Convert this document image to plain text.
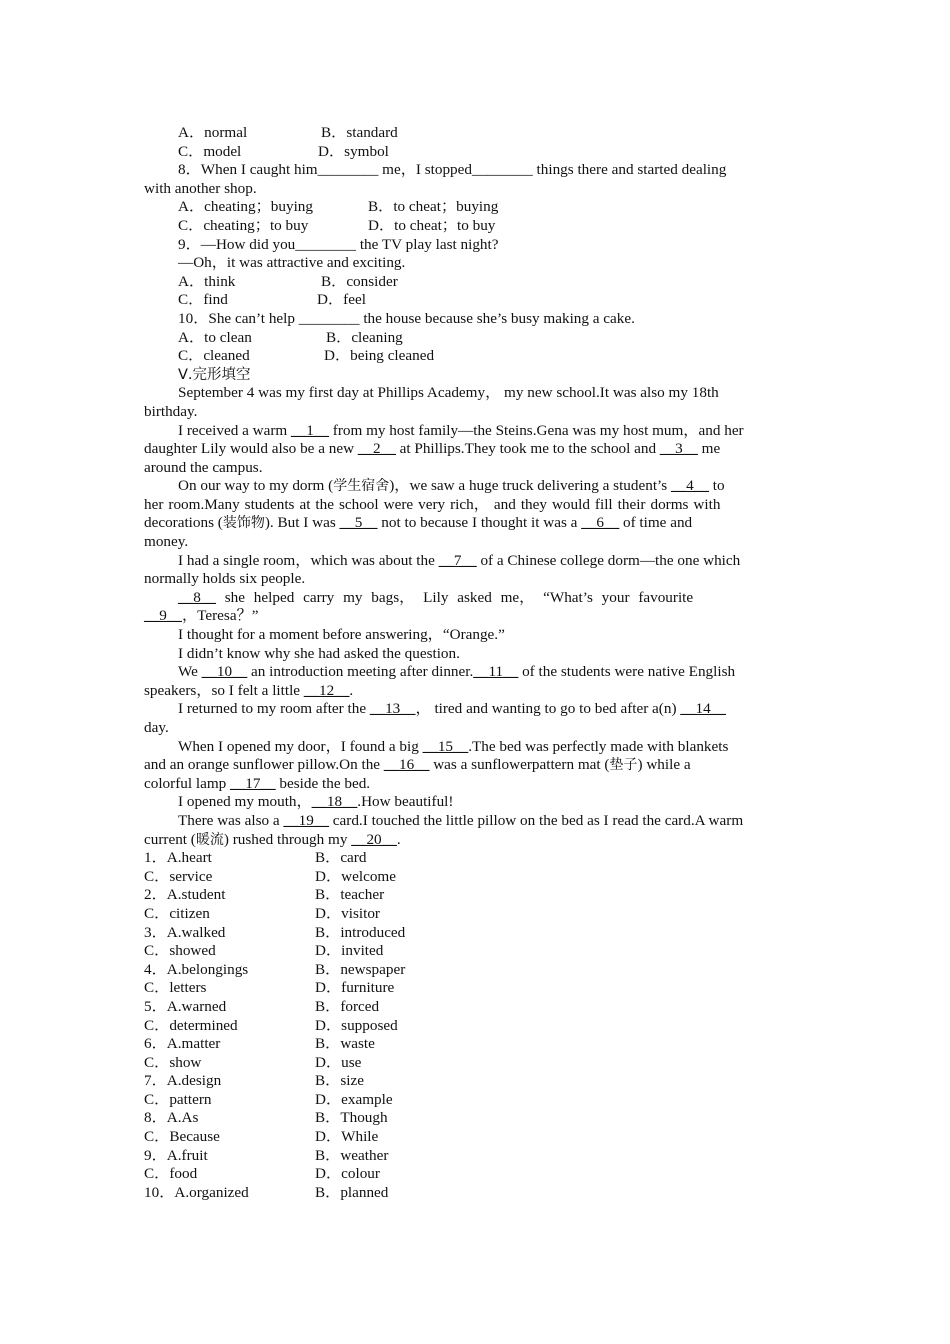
A．normal	B．standard
C．model	D．symbol
8．When I caught him________ me，I stopped________ things there and started dealing
with another shop.
A．cheating；buying	B．to cheat；buying
C．cheating；to buy	D．to cheat；to buy
9．—How did you________ the TV play last night?
—Oh，it was attractive and exciting.
A．think	B．consider
C．find	D．feel
10．She can’t help ________ the house because she’s busy making a cake.
A．to clean	B．cleaning
C．cleaned	D．being cleaned
Ⅴ.完形填空
September 4 was my first day at Phillips Academy， my new school.It was also my 18th
birthday.
I received a warm __1__ from my host family—the Steins.Gena was my host mum，and her
daughter Lily would also be a new __2__ at Phillips.They took me to the school and __3__ me
around the campus.
On our way to my dorm (学生宿舍)，we saw a huge truck delivering a student’s __4__ to
her room.Many students at the school were very rich， and they would fill their dorms with
decorations (装饰物). But I was __5__ not to because I thought it was a __6__ of time and
money.
I had a single room，which was about the __7__ of a Chinese college dorm—the one which
normally holds six people.
__8__ she helped carry my bags， Lily asked me， “What’s your favourite
__9__，Teresa？”
I thought for a moment before answering，“Orange.”
I didn’t know why she had asked the question.
We __10__ an introduction meeting after dinner.__11__ of the students were native English
speakers，so I felt a little __12__.
I returned to my room after the __13__， tired and wanting to go to bed after a(n) __14__
day.
When I opened my door，I found a big __15__.The bed was perfectly made with blankets
and an orange sunflower pillow.On the __16__ was a sunflowerpattern mat (垫子) while a
colorful lamp __17__ beside the bed.
I opened my mouth，__18__.How beautiful!
There was also a __19__ card.I touched the little pillow on the bed as I read the card.A warm
current (暖流) rushed through my __20__.
1．A.heart	B．card
C．service	D．welcome
2．A.student	B．teacher
C．citizen	D．visitor
3．A.walked	B．introduced
C．showed	D．invited
4．A.belongings	B．newspaper
C．letters	D．furniture
5．A.warned	B．forced
C．determined	D．supposed
6．A.matter	B．waste
C．show	D．use
7．A.design	B．size
C．pattern	D．example
8．A.As	B．Though
C．Because	D．While
9．A.fruit	B．weather
C．food	D．colour
10．A.organized	B．planned
